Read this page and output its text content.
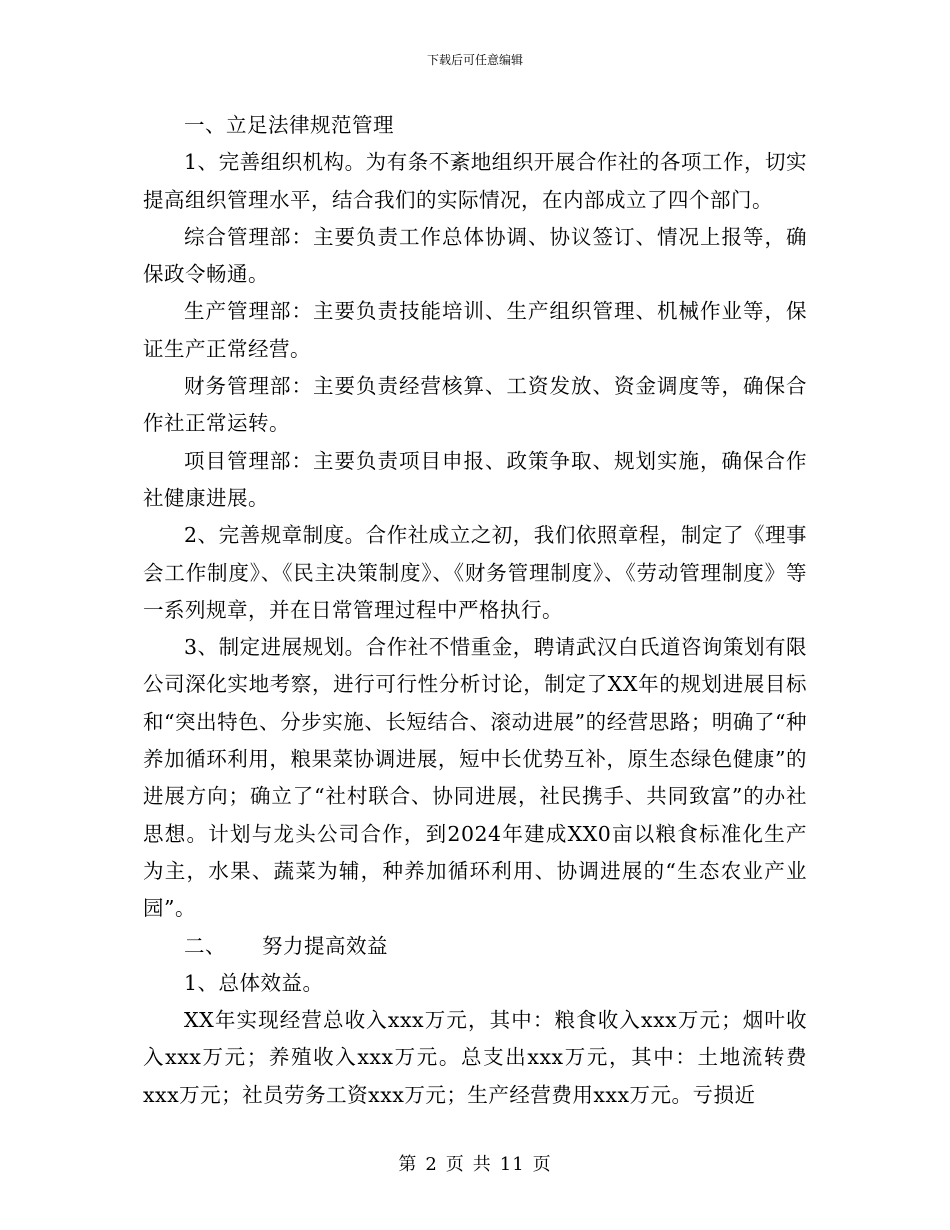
下载后可任意编辑

一、立足法律规范管理

1、完善组织机构。为有条不紊地组织开展合作社的各项工作，切实提高组织管理水平，结合我们的实际情况，在内部成立了四个部门。

综合管理部：主要负责工作总体协调、协议签订、情况上报等，确保政令畅通。

生产管理部：主要负责技能培训、生产组织管理、机械作业等，保证生产正常经营。

财务管理部：主要负责经营核算、工资发放、资金调度等，确保合作社正常运转。

项目管理部：主要负责项目申报、政策争取、规划实施，确保合作社健康进展。

2、完善规章制度。合作社成立之初，我们依照章程，制定了《理事会工作制度》、《民主决策制度》、《财务管理制度》、《劳动管理制度》等一系列规章，并在日常管理过程中严格执行。

3、制定进展规划。合作社不惜重金，聘请武汉白氏道咨询策划有限公司深化实地考察，进行可行性分析讨论，制定了XX年的规划进展目标和“突出特色、分步实施、长短结合、滚动进展”的经营思路；明确了“种养加循环利用，粮果菜协调进展，短中长优势互补，原生态绿色健康”的进展方向；确立了“社村联合、协同进展，社民携手、共同致富”的办社思想。计划与龙头公司合作，到2024年建成XX0亩以粮食标准化生产为主，水果、蔬菜为辅，种养加循环利用、协调进展的“生态农业产业园”。

二、 努力提高效益

1、总体效益。

XX年实现经营总收入xxx万元，其中：粮食收入xxx万元；烟叶收入xxx万元；养殖收入xxx万元。总支出xxx万元，其中：土地流转费xxx万元；社员劳务工资xxx万元；生产经营费用xxx万元。亏损近

第 2 页 共 11 页
